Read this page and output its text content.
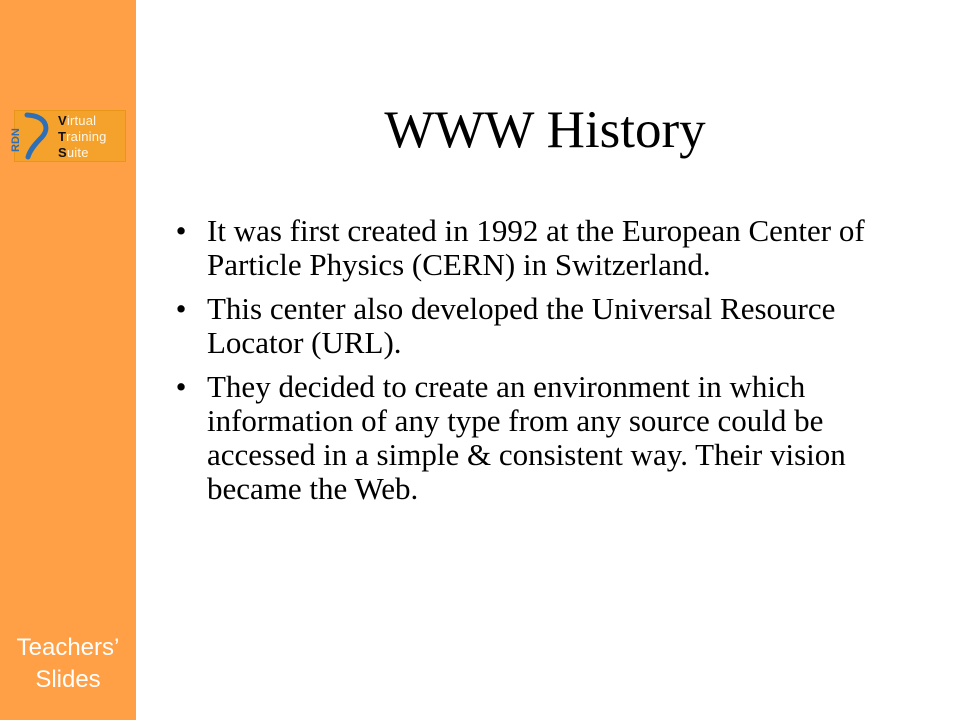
RDN
Virtual
Training
Suite
Teachers’
Slides
WWW History
• It was first created in 1992 at the European Center of Particle Physics (CERN) in Switzerland.
• This center also developed the Universal Resource Locator (URL).
• They decided to create an environment in which information of any type from any source could be accessed in a simple & consistent way. Their vision became the Web.
